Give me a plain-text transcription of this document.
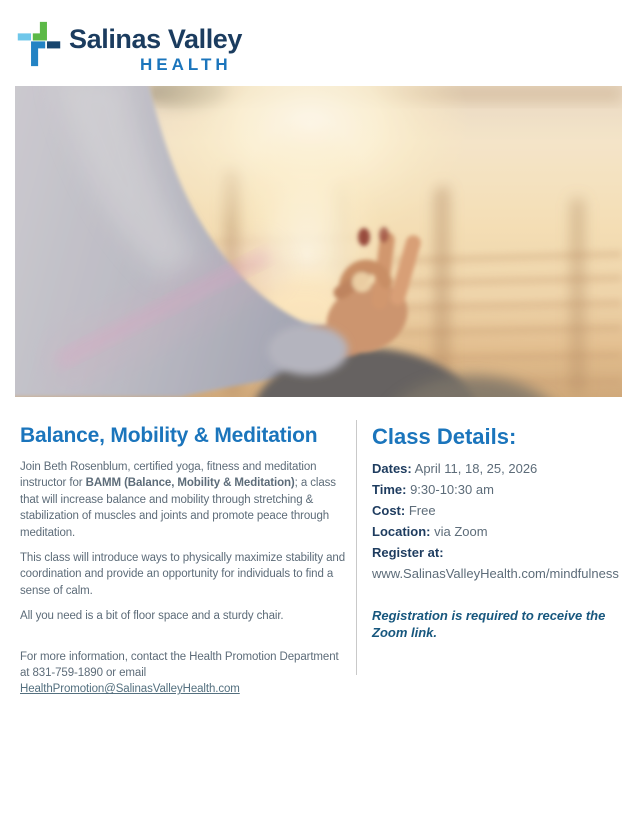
Salinas Valley
HEALTH
Balance, Mobility & Meditation

Join Beth Rosenblum, certified yoga, fitness and meditation instructor for BAMM (Balance, Mobility & Meditation); a class that will increase balance and mobility through stretching & stabilization of muscles and joints and promote peace through meditation.

This class will introduce ways to physically maximize stability and coordination and provide an opportunity for individuals to find a sense of calm.

All you need is a bit of floor space and a sturdy chair.

For more information, contact the Health Promotion Department
at 831-759-1890 or email
HealthPromotion@SalinasValleyHealth.com

Class Details:
Dates: April 11, 18, 25, 2026
Time: 9:30-10:30 am
Cost: Free
Location: via Zoom
Register at:
www.SalinasValleyHealth.com/mindfulness
Registration is required to receive the Zoom link.
